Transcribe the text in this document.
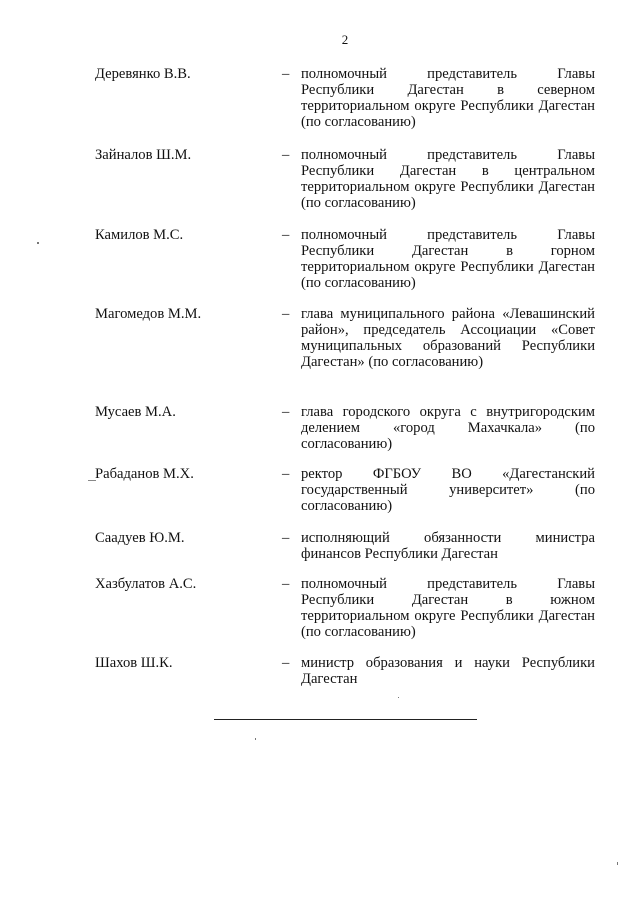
2
Деревянко В.В.	– полномочный представитель Главы Республики Дагестан в северном территориальном округе Республики Дагестан (по согласованию)
Зайналов Ш.М.	– полномочный представитель Главы Республики Дагестан в центральном территориальном округе Республики Дагестан (по согласованию)
Камилов М.С.	– полномочный представитель Главы Республики Дагестан в горном территориальном округе Республики Дагестан (по согласованию)
Магомедов М.М.	– глава муниципального района «Левашинский район», председатель Ассоциации «Совет муниципальных образований Республики Дагестан» (по согласованию)
Мусаев М.А.	– глава городского округа с внутригородским делением «город Махачкала» (по согласованию)
Рабаданов М.Х.	– ректор ФГБОУ ВО «Дагестанский государственный университет» (по согласованию)
Саадуев Ю.М.	– исполняющий обязанности министра финансов Республики Дагестан
Хазбулатов А.С.	– полномочный представитель Главы Республики Дагестан в южном территориальном округе Республики Дагестан (по согласованию)
Шахов Ш.К.	– министр образования и науки Республики Дагестан
